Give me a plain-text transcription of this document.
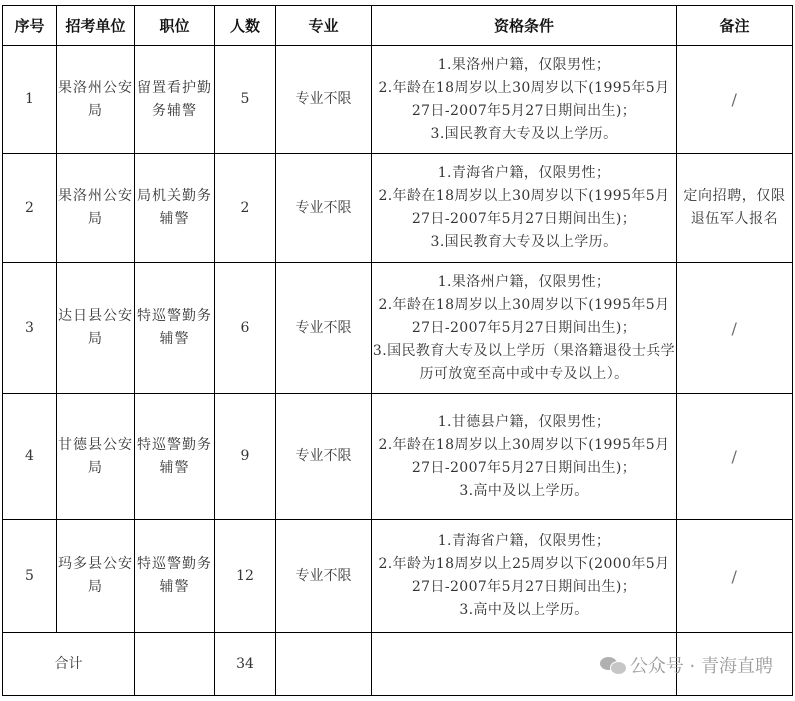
序号	招考单位	职位	人数	专业	资格条件	备注
1	果洛州公安局	留置看护勤务辅警	5	专业不限	1.果洛州户籍，仅限男性；
2.年龄在18周岁以上30周岁以下(1995年5月27日-2007年5月27日期间出生)；
3.国民教育大专及以上学历。	/
2	果洛州公安局	局机关勤务辅警	2	专业不限	1.青海省户籍，仅限男性；
2.年龄在18周岁以上30周岁以下(1995年5月27日-2007年5月27日期间出生)；
3.国民教育大专及以上学历。	定向招聘，仅限退伍军人报名
3	达日县公安局	特巡警勤务辅警	6	专业不限	1.果洛州户籍，仅限男性；
2.年龄在18周岁以上30周岁以下(1995年5月27日-2007年5月27日期间出生)；
3.国民教育大专及以上学历（果洛籍退役士兵学历可放宽至高中或中专及以上）。	/
4	甘德县公安局	特巡警勤务辅警	9	专业不限	1.甘德县户籍，仅限男性；
2.年龄在18周岁以上30周岁以下(1995年5月27日-2007年5月27日期间出生)；
3.高中及以上学历。	/
5	玛多县公安局	特巡警勤务辅警	12	专业不限	1.青海省户籍，仅限男性；
2.年龄为18周岁以上25周岁以下(2000年5月27日-2007年5月27日期间出生)；
3.高中及以上学历。	/
合计			34				公众号 · 青海直聘
